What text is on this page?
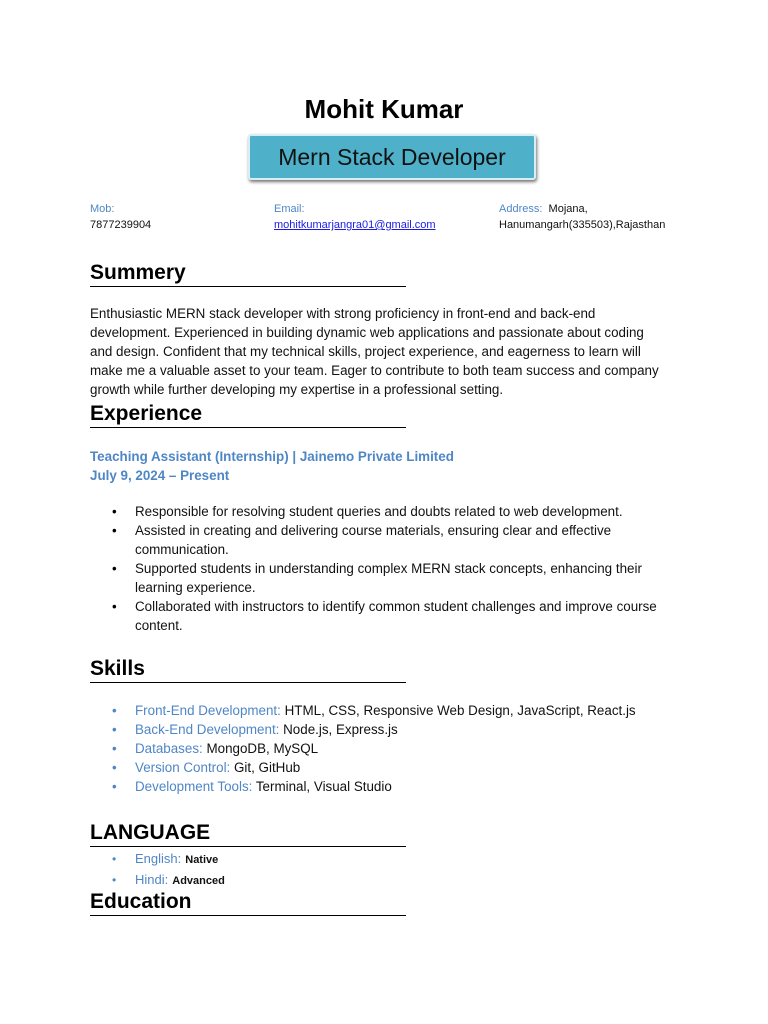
Mohit Kumar
Mern Stack Developer
Mob:
7877239904
Email:
mohitkumarjangra01@gmail.com
Address: Mojana,
Hanumangarh(335503),Rajasthan
Summery
Enthusiastic MERN stack developer with strong proficiency in front-end and back-end
development. Experienced in building dynamic web applications and passionate about coding
and design. Confident that my technical skills, project experience, and eagerness to learn will
make me a valuable asset to your team. Eager to contribute to both team success and company
growth while further developing my expertise in a professional setting.
Experience
Teaching Assistant (Internship) | Jainemo Private Limited
July 9, 2024 – Present
• Responsible for resolving student queries and doubts related to web development.
• Assisted in creating and delivering course materials, ensuring clear and effective communication.
• Supported students in understanding complex MERN stack concepts, enhancing their learning experience.
• Collaborated with instructors to identify common student challenges and improve course content.
Skills
• Front-End Development: HTML, CSS, Responsive Web Design, JavaScript, React.js
• Back-End Development: Node.js, Express.js
• Databases: MongoDB, MySQL
• Version Control: Git, GitHub
• Development Tools: Terminal, Visual Studio
LANGUAGE
• English: Native
• Hindi: Advanced
Education
